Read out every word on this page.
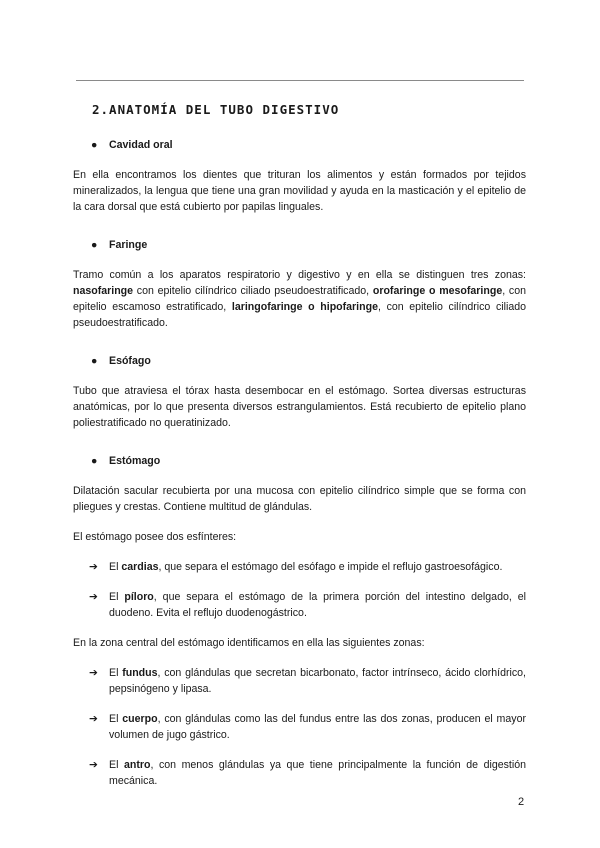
2.ANATOMÍA DEL TUBO DIGESTIVO
● Cavidad oral

En ella encontramos los dientes que trituran los alimentos y están formados por tejidos mineralizados, la lengua que tiene una gran movilidad y ayuda en la masticación y el epitelio de la cara dorsal que está cubierto por papilas linguales.

● Faringe

Tramo común a los aparatos respiratorio y digestivo y en ella se distinguen tres zonas: nasofaringe con epitelio cilíndrico ciliado pseudoestratificado, orofaringe o mesofaringe, con epitelio escamoso estratificado, laringofaringe o hipofaringe, con epitelio cilíndrico ciliado pseudoestratificado.

● Esófago

Tubo que atraviesa el tórax hasta desembocar en el estómago. Sortea diversas estructuras anatómicas, por lo que presenta diversos estrangulamientos. Está recubierto de epitelio plano poliestratificado no queratinizado.

● Estómago

Dilatación sacular recubierta por una mucosa con epitelio cilíndrico simple que se forma con pliegues y crestas. Contiene multitud de glándulas.

El estómago posee dos esfínteres:

➔ El cardias, que separa el estómago del esófago e impide el reflujo gastroesofágico.
➔ El píloro, que separa el estómago de la primera porción del intestino delgado, el duodeno. Evita el reflujo duodenogástrico.

En la zona central del estómago identificamos en ella las siguientes zonas:

➔ El fundus, con glándulas que secretan bicarbonato, factor intrínseco, ácido clorhídrico, pepsinógeno y lipasa.
➔ El cuerpo, con glándulas como las del fundus entre las dos zonas, producen el mayor volumen de jugo gástrico.
➔ El antro, con menos glándulas ya que tiene principalmente la función de digestión mecánica.
2
